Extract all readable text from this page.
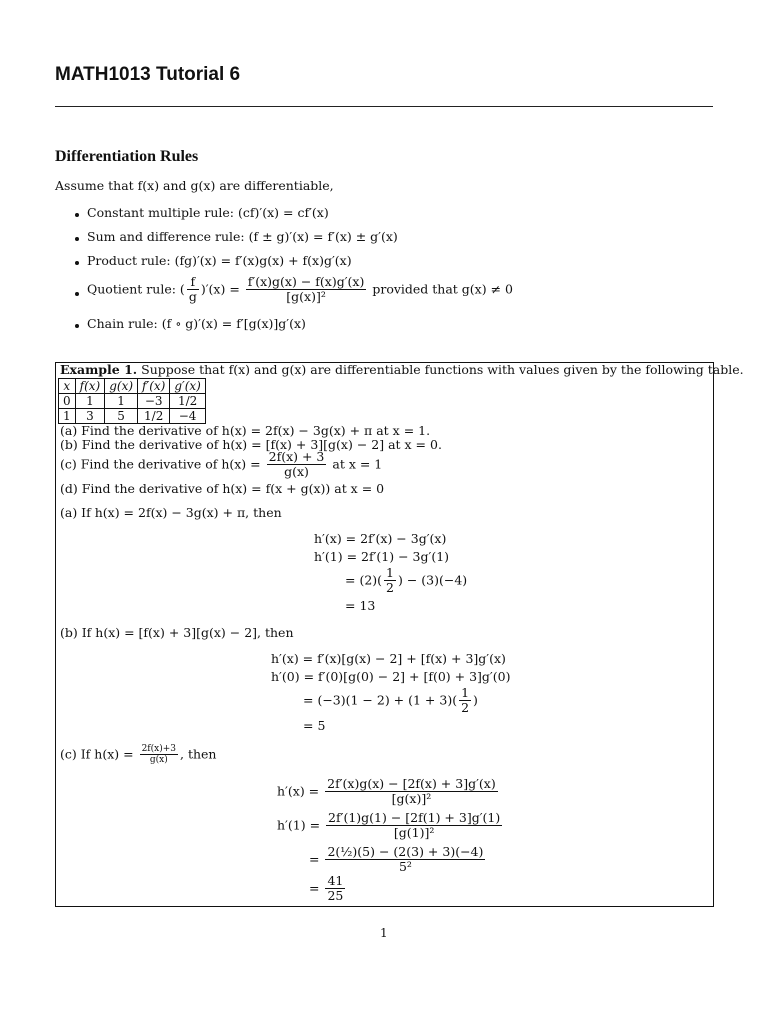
MATH1013 Tutorial 6
Differentiation Rules
Assume that f(x) and g(x) are differentiable,
Constant multiple rule: (cf)′(x) = cf′(x)
Sum and difference rule: (f ± g)′(x) = f′(x) ± g′(x)
Product rule: (fg)′(x) = f′(x)g(x) + f(x)g′(x)
Quotient rule: ( $\frac{f}{g} )'(x) = \frac{f'(x)g(x) - f(x)g'(x)}{\text{[g(x)]²}}$ provided that g(x) ≠ 0
Chain rule: (f ∘ g)′(x) = f′[g(x)]g′(x)
Example 1. Suppose that f(x) and g(x) are differentiable functions with values given by the following table.
x	f(x)	g(x)	f′(x)	g′(x)
0	1	1	−3	1/2
1	3	5	1/2	−4
(a) Find the derivative of h(x) = 2f(x) − 3g(x) + π at x = 1.
(b) Find the derivative of h(x) = [f(x) + 3][g(x) − 2] at x = 0.
(c) Find the derivative of $h(x) = \frac{2f(x) + 3}{g(x)}$ at x = 1
(d) Find the derivative of h(x) = f(x + g(x)) at x = 0
(a) If h(x) = 2f(x) − 3g(x) + π, then
h′(x) = 2f′(x) − 3g′(x)
h′(1) = 2f′(1) − 3g′(1)
= $(2)( \frac{1}{2}$ ) − (3)(−4)
= 13
(b) If h(x) = [f(x) + 3][g(x) − 2], then
h′(x) = f′(x)[g(x) − 2] + [f(x) + 3]g′(x)
h′(0) = f′(0)[g(0) − 2] + [f(0) + 3]g′(0)
= $(-3)(1 - 2) + (1 + 3)( \frac{1}{2}$ )
= 5
(c) If $h(x) = \frac{2f(x)+3}{g(x)}$ , then
$h'(x) = \frac{2f'(x)g(x) - [2f(x) + 3]g'(x)}{\text{[g(x)]²}}$
$h'(1) = \frac{2f'(1)g(1) - [2f(1) + 3]g'(1)}{\text{[g(1)]²}}$
= $\frac{\text{2(½)(5) − (2(3) + 3)(−4)}}{\text{5²}}$
= $\frac{41}{25}$
1
